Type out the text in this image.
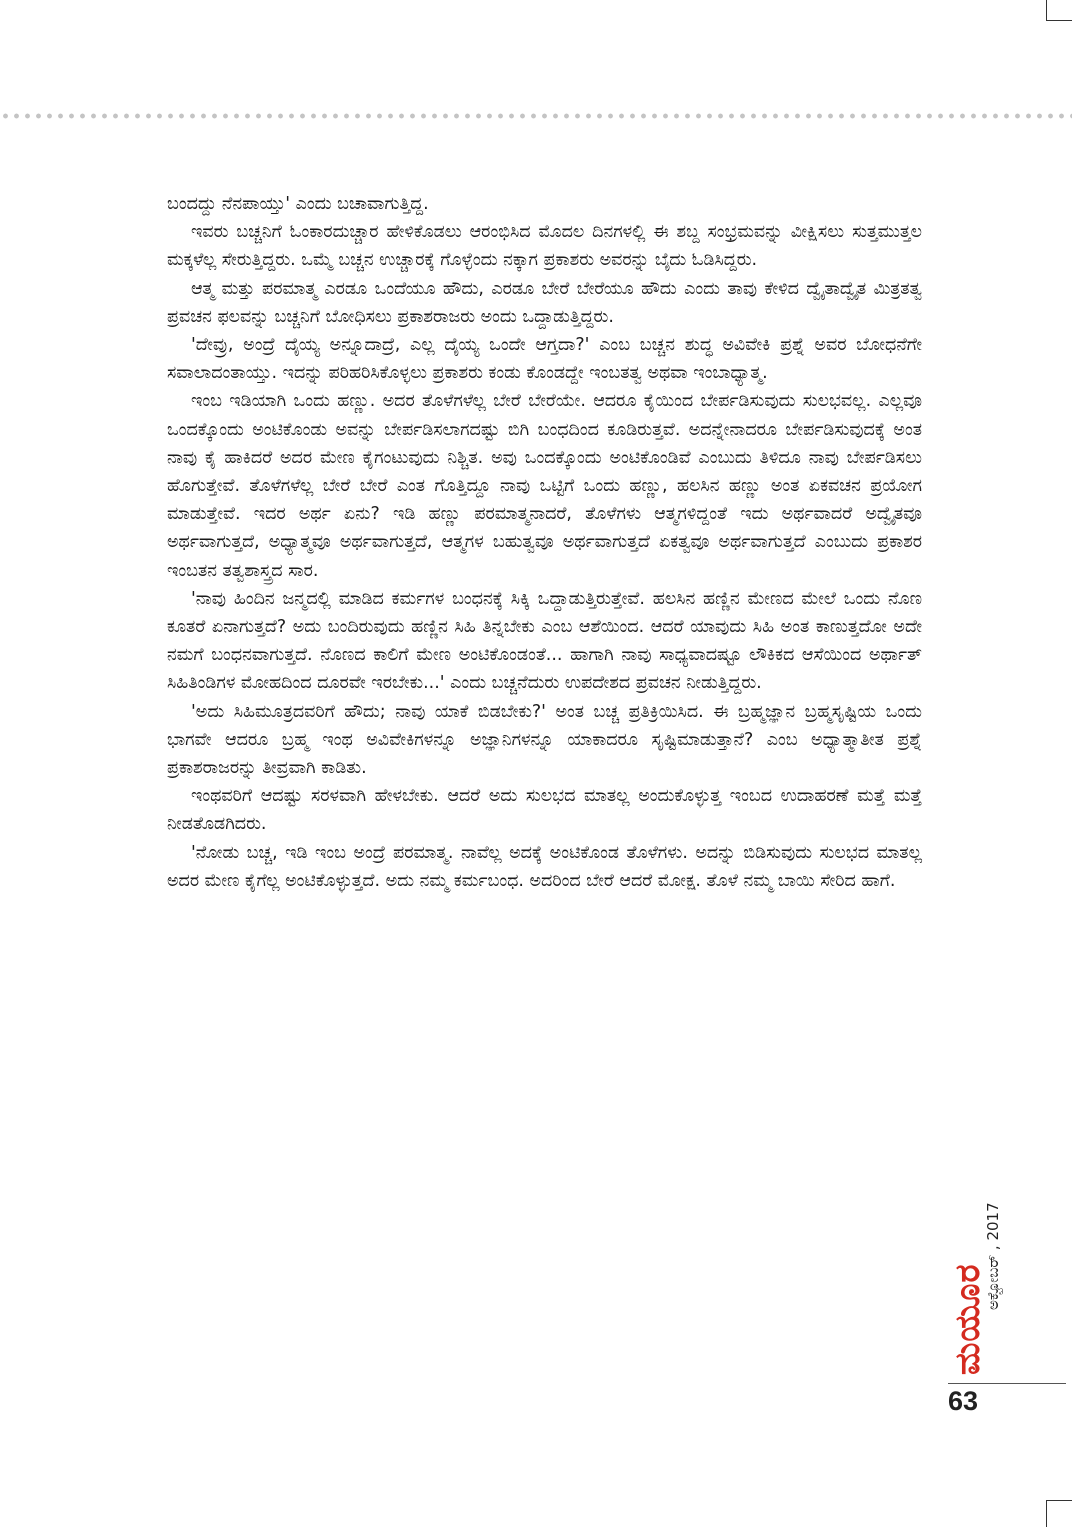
ಬಂದದ್ದು ನೆನಪಾಯ್ತು' ಎಂದು ಬಚಾವಾಗುತ್ತಿದ್ದ.

ಇವರು ಬಚ್ಚನಿಗೆ ಓಂಕಾರದುಚ್ಚಾರ ಹೇಳಿಕೊಡಲು ಆರಂಭಿಸಿದ ಮೊದಲ ದಿನಗಳಲ್ಲಿ ಈ ಶಬ್ದ ಸಂಭ್ರಮವನ್ನು ವೀಕ್ಷಿಸಲು ಸುತ್ತಮುತ್ತಲ ಮಕ್ಕಳೆಲ್ಲ ಸೇರುತ್ತಿದ್ದರು. ಒಮ್ಮೆ ಬಚ್ಚನ ಉಚ್ಚಾರಕ್ಕೆ ಗೊಳ್ಳೆಂದು ನಕ್ಕಾಗ ಪ್ರಕಾಶರು ಅವರನ್ನು ಬೈದು ಓಡಿಸಿದ್ದರು.

ಆತ್ಮ ಮತ್ತು ಪರಮಾತ್ಮ ಎರಡೂ ಒಂದೆಯೂ ಹೌದು, ಎರಡೂ ಬೇರೆ ಬೇರೆಯೂ ಹೌದು ಎಂದು ತಾವು ಕೇಳಿದ ದ್ವೈತಾದ್ವೈತ ಮಿತ್ರತತ್ವ ಪ್ರವಚನ ಫಲವನ್ನು ಬಚ್ಚನಿಗೆ ಬೋಧಿಸಲು ಪ್ರಕಾಶರಾಜರು ಅಂದು ಒದ್ದಾಡುತ್ತಿದ್ದರು.

'ದೇವ್ರು, ಅಂದ್ರೆ ದೈಯ್ಯ ಅನ್ನೂದಾದ್ರೆ, ಎಲ್ಲ ದೈಯ್ಯ ಒಂದೇ ಆಗ್ತದಾ?' ಎಂಬ ಬಚ್ಚನ ಶುದ್ಧ ಅವಿವೇಕಿ ಪ್ರಶ್ನೆ ಅವರ ಬೋಧನೆಗೇ ಸವಾಲಾದಂತಾಯ್ತು. ಇದನ್ನು ಪರಿಹರಿಸಿಕೊಳ್ಳಲು ಪ್ರಕಾಶರು ಕಂಡು ಕೊಂಡದ್ದೇ ಇಂಬತತ್ವ ಅಥವಾ ಇಂಬಾಧ್ಯಾತ್ಮ.

ಇಂಬ ಇಡಿಯಾಗಿ ಒಂದು ಹಣ್ಣು. ಅದರ ತೊಳೆಗಳೆಲ್ಲ ಬೇರೆ ಬೇರೆಯೇ. ಆದರೂ ಕೈಯಿಂದ ಬೇರ್ಪಡಿಸುವುದು ಸುಲಭವಲ್ಲ. ಎಲ್ಲವೂ ಒಂದಕ್ಕೊಂದು ಅಂಟಿಕೊಂಡು ಅವನ್ನು ಬೇರ್ಪಡಿಸಲಾಗದಷ್ಟು ಬಿಗಿ ಬಂಧದಿಂದ ಕೂಡಿರುತ್ತವೆ. ಅದನ್ನೇನಾದರೂ ಬೇರ್ಪಡಿಸುವುದಕ್ಕೆ ಅಂತ ನಾವು ಕೈ ಹಾಕಿದರೆ ಅದರ ಮೇಣ ಕೈಗಂಟುವುದು ನಿಶ್ಚಿತ. ಅವು ಒಂದಕ್ಕೊಂದು ಅಂಟಿಕೊಂಡಿವೆ ಎಂಬುದು ತಿಳಿದೂ ನಾವು ಬೇರ್ಪಡಿಸಲು ಹೊಗುತ್ತೇವೆ. ತೊಳೆಗಳೆಲ್ಲ ಬೇರೆ ಬೇರೆ ಎಂತ ಗೊತ್ತಿದ್ದೂ ನಾವು ಒಟ್ಟಿಗೆ ಒಂದು ಹಣ್ಣು, ಹಲಸಿನ ಹಣ್ಣು ಅಂತ ಏಕವಚನ ಪ್ರಯೋಗ ಮಾಡುತ್ತೇವೆ. ಇದರ ಅರ್ಥ ಏನು? ಇಡಿ ಹಣ್ಣು ಪರಮಾತ್ಮನಾದರೆ, ತೊಳೆಗಳು ಆತ್ಮಗಳಿದ್ದಂತೆ ಇದು ಅರ್ಥವಾದರೆ ಅದ್ವೈತವೂ ಅರ್ಥವಾಗುತ್ತದೆ, ಅಧ್ಯಾತ್ಮವೂ ಅರ್ಥವಾಗುತ್ತದೆ, ಆತ್ಮಗಳ ಬಹುತ್ವವೂ ಅರ್ಥವಾಗುತ್ತದೆ ಏಕತ್ವವೂ ಅರ್ಥವಾಗುತ್ತದೆ ಎಂಬುದು ಪ್ರಕಾಶರ ಇಂಬತನ ತತ್ವಶಾಸ್ತ್ರದ ಸಾರ.

'ನಾವು ಹಿಂದಿನ ಜನ್ಮದಲ್ಲಿ ಮಾಡಿದ ಕರ್ಮಗಳ ಬಂಧನಕ್ಕೆ ಸಿಕ್ಕಿ ಒದ್ದಾಡುತ್ತಿರುತ್ತೇವೆ. ಹಲಸಿನ ಹಣ್ಣಿನ ಮೇಣದ ಮೇಲೆ ಒಂದು ನೊಣ ಕೂತರೆ ಏನಾಗುತ್ತದೆ? ಅದು ಬಂದಿರುವುದು ಹಣ್ಣಿನ ಸಿಹಿ ತಿನ್ನಬೇಕು ಎಂಬ ಆಶೆಯಿಂದ. ಆದರೆ ಯಾವುದು ಸಿಹಿ ಅಂತ ಕಾಣುತ್ತದೋ ಅದೇ ನಮಗೆ ಬಂಧನವಾಗುತ್ತದೆ. ನೊಣದ ಕಾಲಿಗೆ ಮೇಣ ಅಂಟಿಕೊಂಡಂತೆ... ಹಾಗಾಗಿ ನಾವು ಸಾಧ್ಯವಾದಷ್ಟೂ ಲೌಕಿಕದ ಆಸೆಯಿಂದ ಅರ್ಥಾತ್ ಸಿಹಿತಿಂಡಿಗಳ ಮೋಹದಿಂದ ದೂರವೇ ಇರಬೇಕು...' ಎಂದು ಬಚ್ಚನೆದುರು ಉಪದೇಶದ ಪ್ರವಚನ ನೀಡುತ್ತಿದ್ದರು.

'ಅದು ಸಿಹಿಮೂತ್ರದವರಿಗೆ ಹೌದು; ನಾವು ಯಾಕೆ ಬಿಡಬೇಕು?' ಅಂತ ಬಚ್ಚ ಪ್ರತಿಕ್ರಿಯಿಸಿದ. ಈ ಬ್ರಹ್ಮಜ್ಞಾನ ಬ್ರಹ್ಮಸೃಷ್ಟಿಯ ಒಂದು ಭಾಗವೇ ಆದರೂ ಬ್ರಹ್ಮ ಇಂಥ ಅವಿವೇಕಿಗಳನ್ನೂ ಅಜ್ಞಾನಿಗಳನ್ನೂ ಯಾಕಾದರೂ ಸೃಷ್ಟಿಮಾಡುತ್ತಾನೆ? ಎಂಬ ಅಧ್ಯಾತ್ಮಾತೀತ ಪ್ರಶ್ನೆ ಪ್ರಕಾಶರಾಜರನ್ನು ತೀವ್ರವಾಗಿ ಕಾಡಿತು.

ಇಂಥವರಿಗೆ ಆದಷ್ಟು ಸರಳವಾಗಿ ಹೇಳಬೇಕು. ಆದರೆ ಅದು ಸುಲಭದ ಮಾತಲ್ಲ ಅಂದುಕೊಳ್ಳುತ್ತ ಇಂಬದ ಉದಾಹರಣೆ ಮತ್ತೆ ಮತ್ತೆ ನೀಡತೊಡಗಿದರು.

'ನೋಡು ಬಚ್ಚ, ಇಡಿ ಇಂಬ ಅಂದ್ರೆ ಪರಮಾತ್ಮ. ನಾವೆಲ್ಲ ಅದಕ್ಕೆ ಅಂಟಿಕೊಂಡ ತೊಳೆಗಳು. ಅದನ್ನು ಬಿಡಿಸುವುದು ಸುಲಭದ ಮಾತಲ್ಲ ಅದರ ಮೇಣ ಕೈಗೆಲ್ಲ ಅಂಟಿಕೊಳ್ಳುತ್ತದೆ. ಅದು ನಮ್ಮ ಕರ್ಮಬಂಧ. ಅದರಿಂದ ಬೇರೆ ಆದರೆ ಮೋಕ್ಷ. ತೊಳೆ ನಮ್ಮ ಬಾಯಿ ಸೇರಿದ ಹಾಗೆ.

ಅಕ್ಟೋಬರ್ , 2017
ಮಯೂರ
63
